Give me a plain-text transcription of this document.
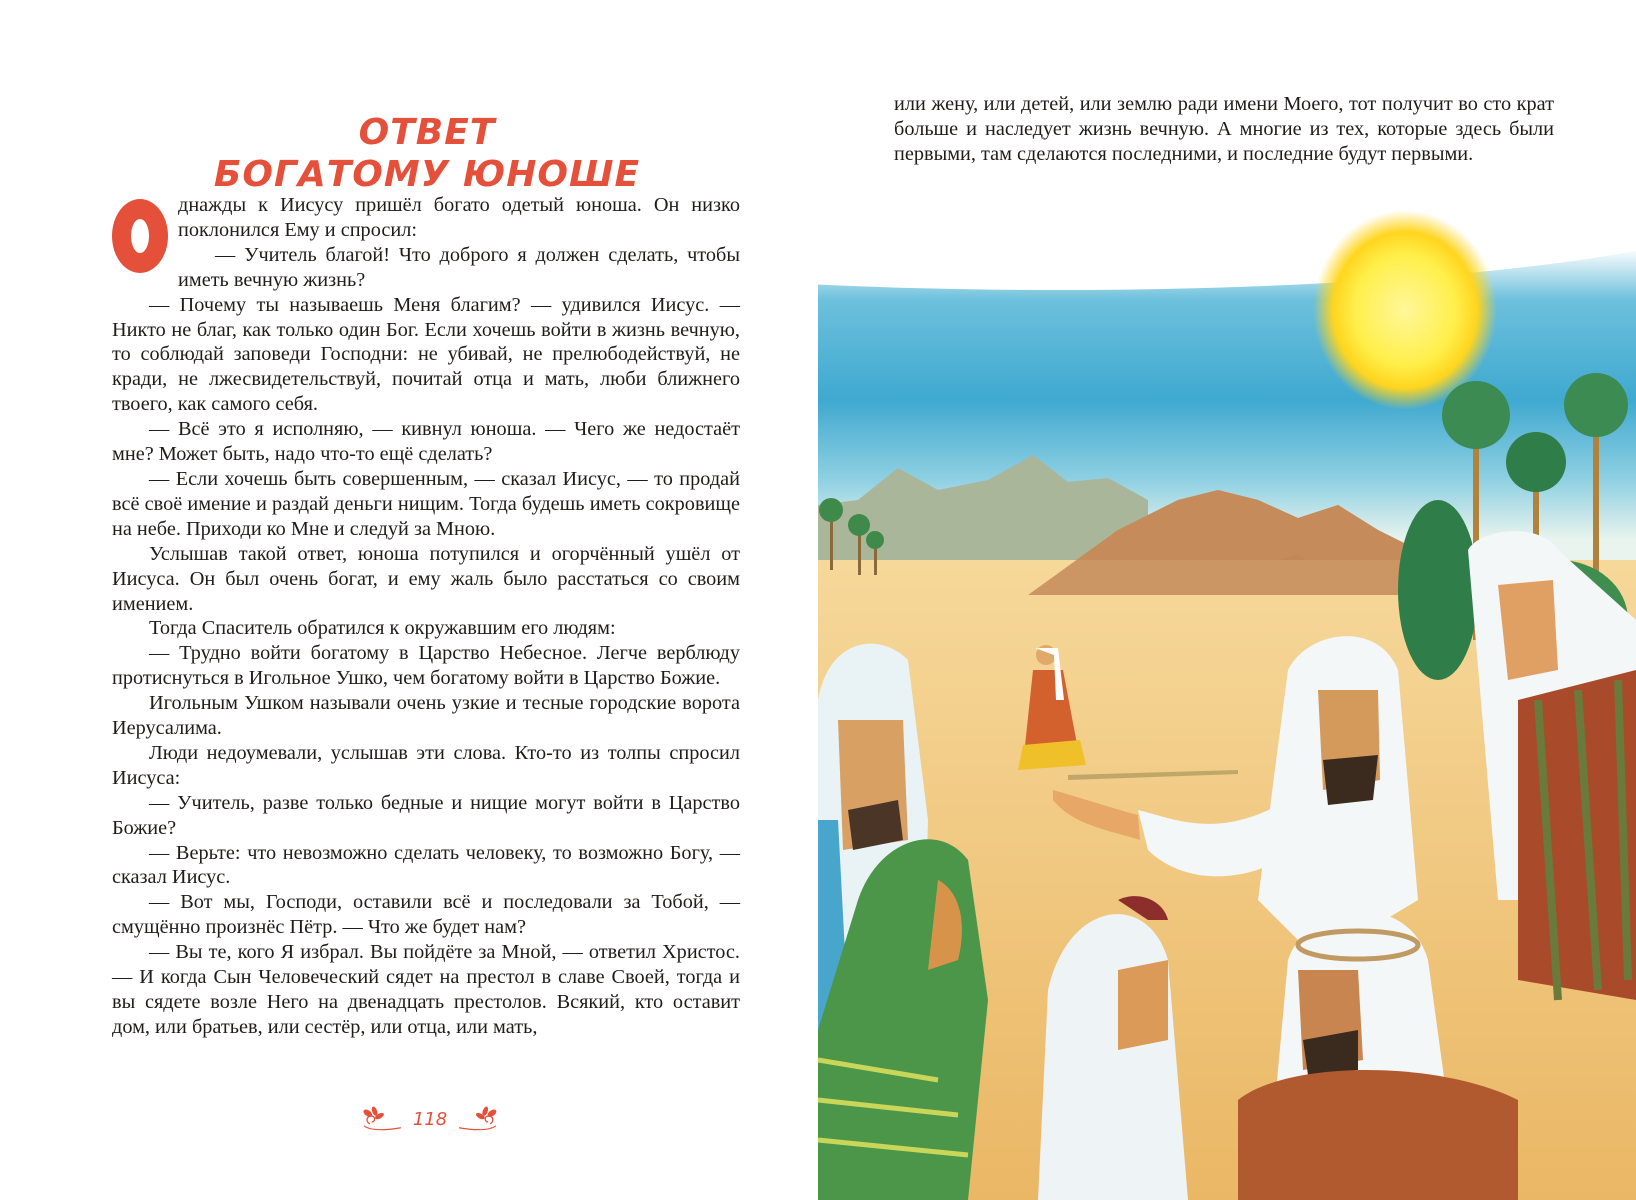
ОТВЕТ
БОГАТОМУ ЮНОШЕ

днажды к Иисусу пришёл богато одетый юноша. Он низко поклонился Ему и спросил:

— Учитель благой! Что доброго я должен сделать, чтобы иметь вечную жизнь?

— Почему ты называешь Меня благим? — удивился Иисус. — Никто не благ, как только один Бог. Если хочешь войти в жизнь вечную, то соблюдай заповеди Господни: не убивай, не прелюбодействуй, не кради, не лжесвидетельствуй, почитай отца и мать, люби ближнего твоего, как самого себя.

— Всё это я исполняю, — кивнул юноша. — Чего же недостаёт мне? Может быть, надо что-то ещё сделать?

— Если хочешь быть совершенным, — сказал Иисус, — то продай всё своё имение и раздай деньги нищим. Тогда будешь иметь сокровище на небе. Приходи ко Мне и следуй за Мною.

Услышав такой ответ, юноша потупился и огорчённый ушёл от Иисуса. Он был очень богат, и ему жаль было расстаться со своим имением.

Тогда Спаситель обратился к окружавшим его людям:

— Трудно войти богатому в Царство Небесное. Легче верблюду протиснуться в Игольное Ушко, чем богатому войти в Царство Божие.

Игольным Ушком называли очень узкие и тесные городские ворота Иерусалима.

Люди недоумевали, услышав эти слова. Кто-то из толпы спросил Иисуса:

— Учитель, разве только бедные и нищие могут войти в Царство Божие?

— Верьте: что невозможно сделать человеку, то возможно Богу, — сказал Иисус.

— Вот мы, Господи, оставили всё и последовали за Тобой, — смущённо произнёс Пётр. — Что же будет нам?

— Вы те, кого Я избрал. Вы пойдёте за Мной, — ответил Христос. — И когда Сын Человеческий сядет на престол в славе Своей, тогда и вы сядете возле Него на двенадцать престолов. Всякий, кто оставит дом, или братьев, или сестёр, или отца, или мать,

118

или жену, или детей, или землю ради имени Моего, тот получит во сто крат больше и наследует жизнь вечную. А многие из тех, которые здесь были первыми, там сделаются последними, и последние будут первыми.
